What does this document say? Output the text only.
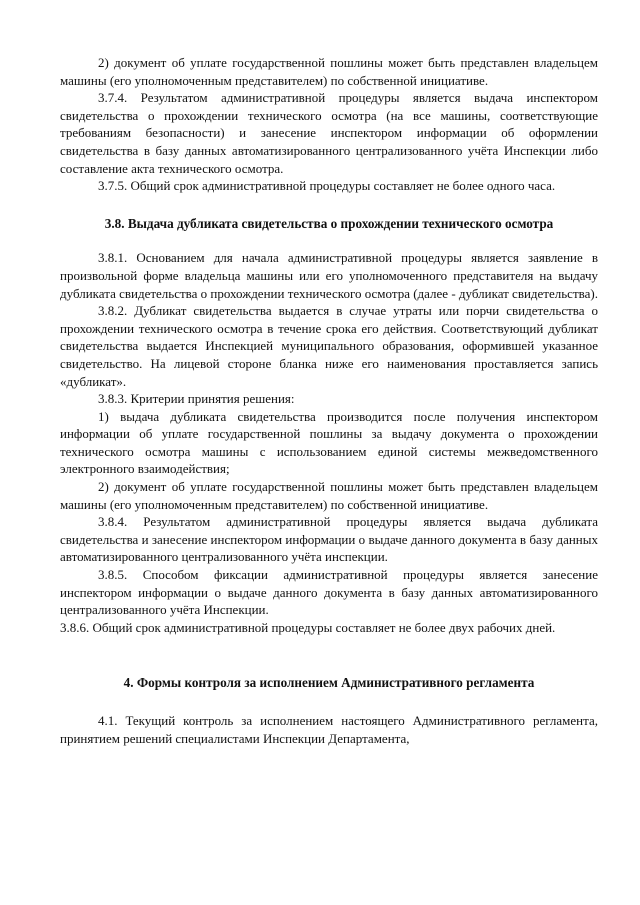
2) документ об уплате государственной пошлины может быть представлен владельцем машины (его уполномоченным представителем) по собственной инициативе.

3.7.4. Результатом административной процедуры является выдача инспектором свидетельства о прохождении технического осмотра (на все машины, соответствующие требованиям безопасности) и занесение инспектором информации об оформлении свидетельства в базу данных автоматизированного централизованного учёта Инспекции либо составление акта технического осмотра.

3.7.5. Общий срок административной процедуры составляет не более одного часа.

3.8. Выдача дубликата свидетельства о прохождении технического осмотра

3.8.1. Основанием для начала административной процедуры является заявление в произвольной форме владельца машины или его уполномоченного представителя на выдачу дубликата свидетельства о прохождении технического осмотра (далее - дубликат свидетельства).

3.8.2. Дубликат свидетельства выдается в случае утраты или порчи свидетельства о прохождении технического осмотра в течение срока его действия. Соответствующий дубликат свидетельства выдается Инспекцией муниципального образования, оформившей указанное свидетельство. На лицевой стороне бланка ниже его наименования проставляется запись «дубликат».

3.8.3. Критерии принятия решения:

1) выдача дубликата свидетельства производится после получения инспектором информации об уплате государственной пошлины за выдачу документа о прохождении технического осмотра машины с использованием единой системы межведомственного электронного взаимодействия;

2) документ об уплате государственной пошлины может быть представлен владельцем машины (его уполномоченным представителем) по собственной инициативе.

3.8.4. Результатом административной процедуры является выдача дубликата свидетельства и занесение инспектором информации о выдаче данного документа в базу данных автоматизированного централизованного учёта инспекции.

3.8.5. Способом фиксации административной процедуры является занесение инспектором информации о выдаче данного документа в базу данных автоматизированного централизованного учёта Инспекции.

3.8.6. Общий срок административной процедуры составляет не более двух рабочих дней.

4. Формы контроля за исполнением Административного регламента

4.1. Текущий контроль за исполнением настоящего Административного регламента, принятием решений специалистами Инспекции Департамента,
